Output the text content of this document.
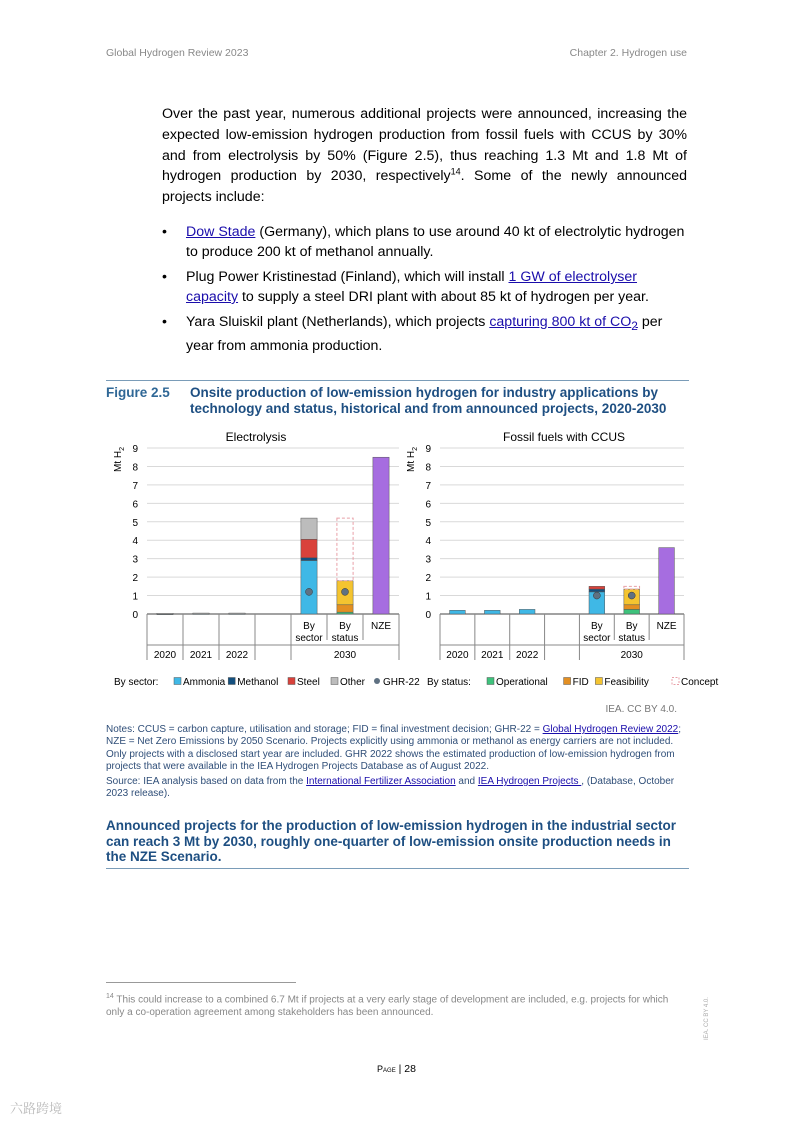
Global Hydrogen Review 2023	Chapter 2. Hydrogen use

Over the past year, numerous additional projects were announced, increasing the expected low-emission hydrogen production from fossil fuels with CCUS by 30% and from electrolysis by 50% (Figure 2.5), thus reaching 1.3 Mt and 1.8 Mt of hydrogen production by 2030, respectively$^{14}$. Some of the newly announced projects include:

• Dow Stade (Germany), which plans to use around 40 kt of electrolytic hydrogen to produce 200 kt of methanol annually.
• Plug Power Kristinestad (Finland), which will install 1 GW of electrolyser capacity to supply a steel DRI plant with about 85 kt of hydrogen per year.
• Yara Sluiskil plant (Netherlands), which projects capturing 800 kt of $CO_2$ per year from ammonia production.
Figure 2.5 Onsite production of low-emission hydrogen for industry applications by technology and status, historical and from announced projects, 2020-2030
Electrolysis
0
1
2
3
4
5
6
7
8
9
Mt $H_2$
By
sector
By
status
NZE
2020 2021 2022	2030
By sector: Ammonia Methanol Steel Other GHR-22
Fossil fuels with CCUS
0
1
2
3
4
5
6
7
8
9
Mt $H_2$
By
sector
By
status
NZE
2020 2021 2022	2030
By status:	Operational FID Feasibility	Concept
IEA. CC BY 4.0.

Notes: CCUS = carbon capture, utilisation and storage; FID = final investment decision; GHR-22 = Global Hydrogen Review 2022; NZE = Net Zero Emissions by 2050 Scenario. Projects explicitly using ammonia or methanol as energy carriers are not included. Only projects with a disclosed start year are included. GHR 2022 shows the estimated production of low-emission hydrogen from projects that were available in the IEA Hydrogen Projects Database as of August 2022.

Source: IEA analysis based on data from the International Fertilizer Association and IEA Hydrogen Projects , (Database, October 2023 release).

Announced projects for the production of low-emission hydrogen in the industrial sector can reach 3 Mt by 2030, roughly one-quarter of low-emission onsite production needs in the NZE Scenario.

$^{14}$ This could increase to a combined 6.7 Mt if projects at a very early stage of development are included, e.g. projects for which only a co-operation agreement among stakeholders has been announced.

Page | 28
IEA. CC BY 4.0.
六路跨境
